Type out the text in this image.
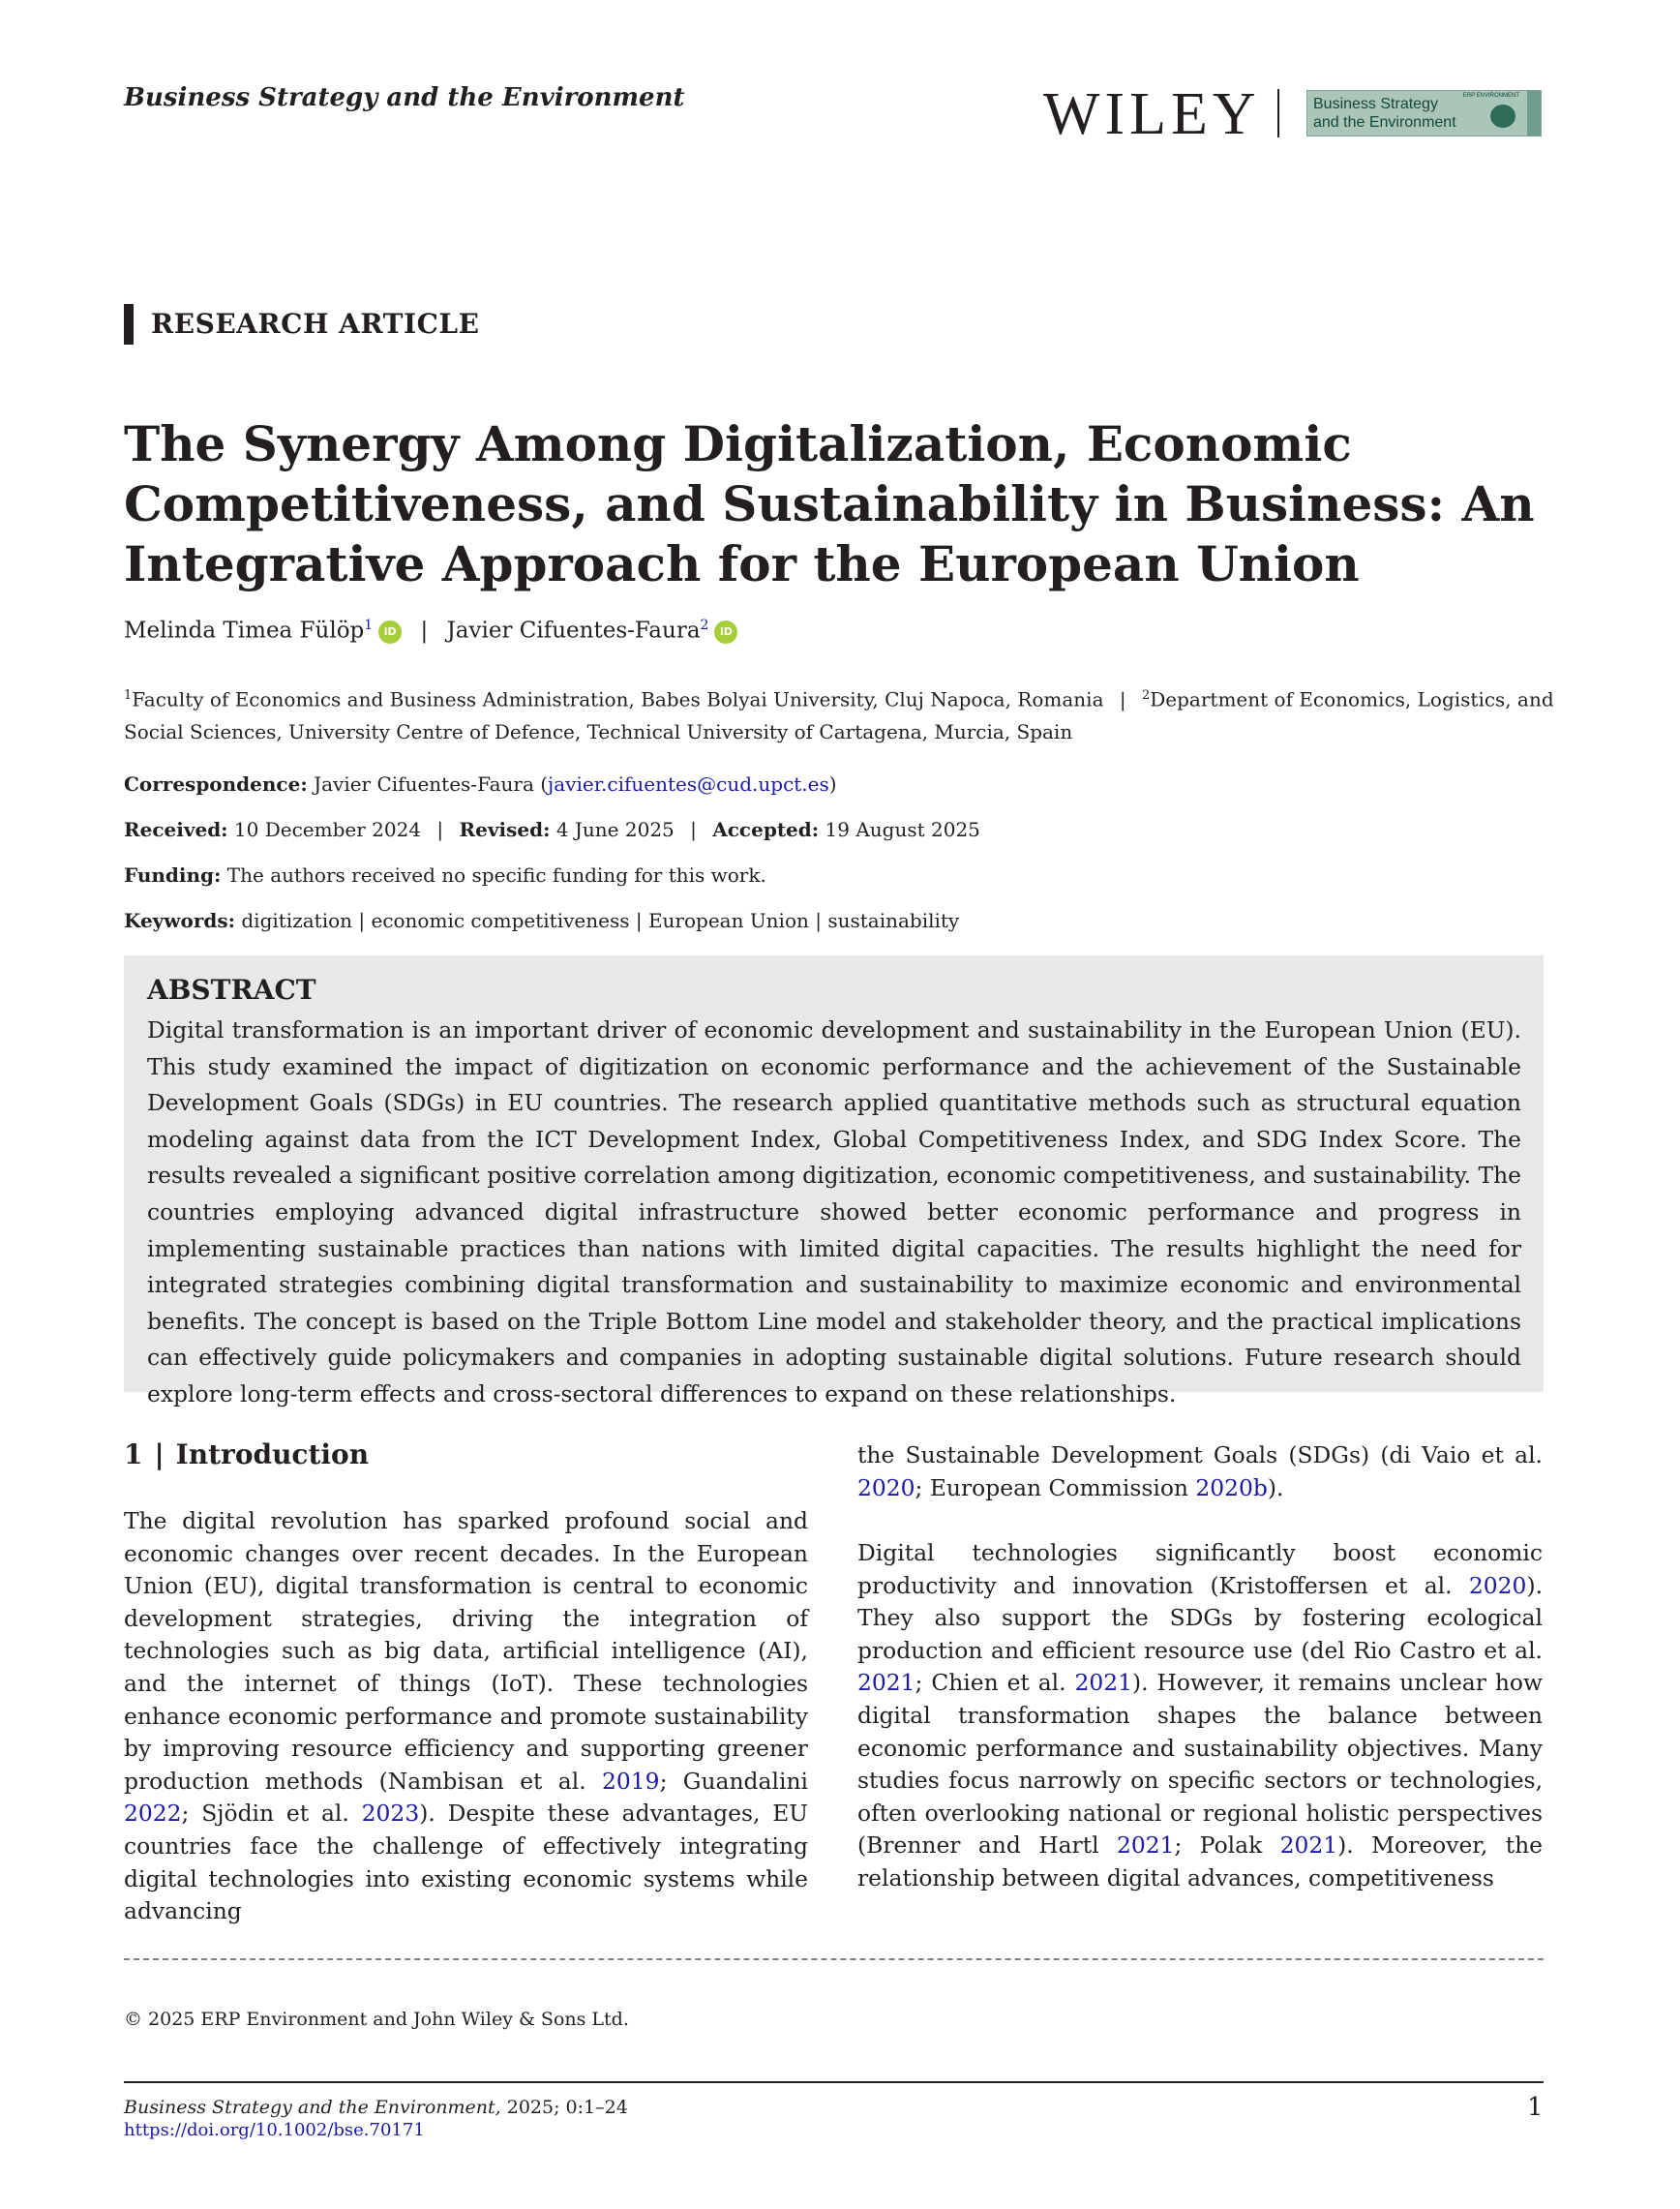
Business Strategy and the Environment	WILEY	ERP ENVIRONMENT
Business Strategy
and the Environment
RESEARCH ARTICLE
The Synergy Among Digitalization, Economic Competitiveness, and Sustainability in Business: An Integrative Approach for the European Union
Melinda Timea Fülöp$^1$ iD | Javier Cifuentes-Faura$^2$ iD
$^1$Faculty of Economics and Business Administration, Babes Bolyai University, Cluj Napoca, Romania | $^2$Department of Economics, Logistics, and Social Sciences, University Centre of Defence, Technical University of Cartagena, Murcia, Spain
Correspondence: Javier Cifuentes-Faura (javier.cifuentes@cud.upct.es)
Received: 10 December 2024 | Revised: 4 June 2025 | Accepted: 19 August 2025
Funding: The authors received no specific funding for this work.
Keywords: digitization | economic competitiveness | European Union | sustainability
ABSTRACT

Digital transformation is an important driver of economic development and sustainability in the European Union (EU). This study examined the impact of digitization on economic performance and the achievement of the Sustainable Development Goals (SDGs) in EU countries. The research applied quantitative methods such as structural equation modeling against data from the ICT Development Index, Global Competitiveness Index, and SDG Index Score. The results revealed a significant positive correlation among digitization, economic competitiveness, and sustainability. The countries employing advanced digital infrastructure showed better economic performance and progress in implementing sustainable practices than nations with limited digital capacities. The results highlight the need for integrated strategies combining digital transformation and sustainability to maximize economic and environmental benefits. The concept is based on the Triple Bottom Line model and stakeholder theory, and the practical implications can effectively guide policymakers and companies in adopting sustainable digital solutions. Future research should explore long-term effects and cross-sectoral differences to expand on these relationships.

1 | Introduction

The digital revolution has sparked profound social and economic changes over recent decades. In the European Union (EU), digital transformation is central to economic development strategies, driving the integration of technologies such as big data, artificial intelligence (AI), and the internet of things (IoT). These technologies enhance economic performance and promote sustainability by improving resource efficiency and supporting greener production methods (Nambisan et al. 2019; Guandalini 2022; Sjödin et al. 2023). Despite these advantages, EU countries face the challenge of effectively integrating digital technologies into existing economic systems while advancing

the Sustainable Development Goals (SDGs) (di Vaio et al. 2020; European Commission 2020b).

Digital technologies significantly boost economic productivity and innovation (Kristoffersen et al. 2020). They also support the SDGs by fostering ecological production and efficient resource use (del Rio Castro et al. 2021; Chien et al. 2021). However, it remains unclear how digital transformation shapes the balance between economic performance and sustainability objectives. Many studies focus narrowly on specific sectors or technologies, often overlooking national or regional holistic perspectives (Brenner and Hartl 2021; Polak 2021). Moreover, the relationship between digital advances, competitiveness

© 2025 ERP Environment and John Wiley & Sons Ltd.
Business Strategy and the Environment, 2025; 0:1–24
https://doi.org/10.1002/bse.70171
1
